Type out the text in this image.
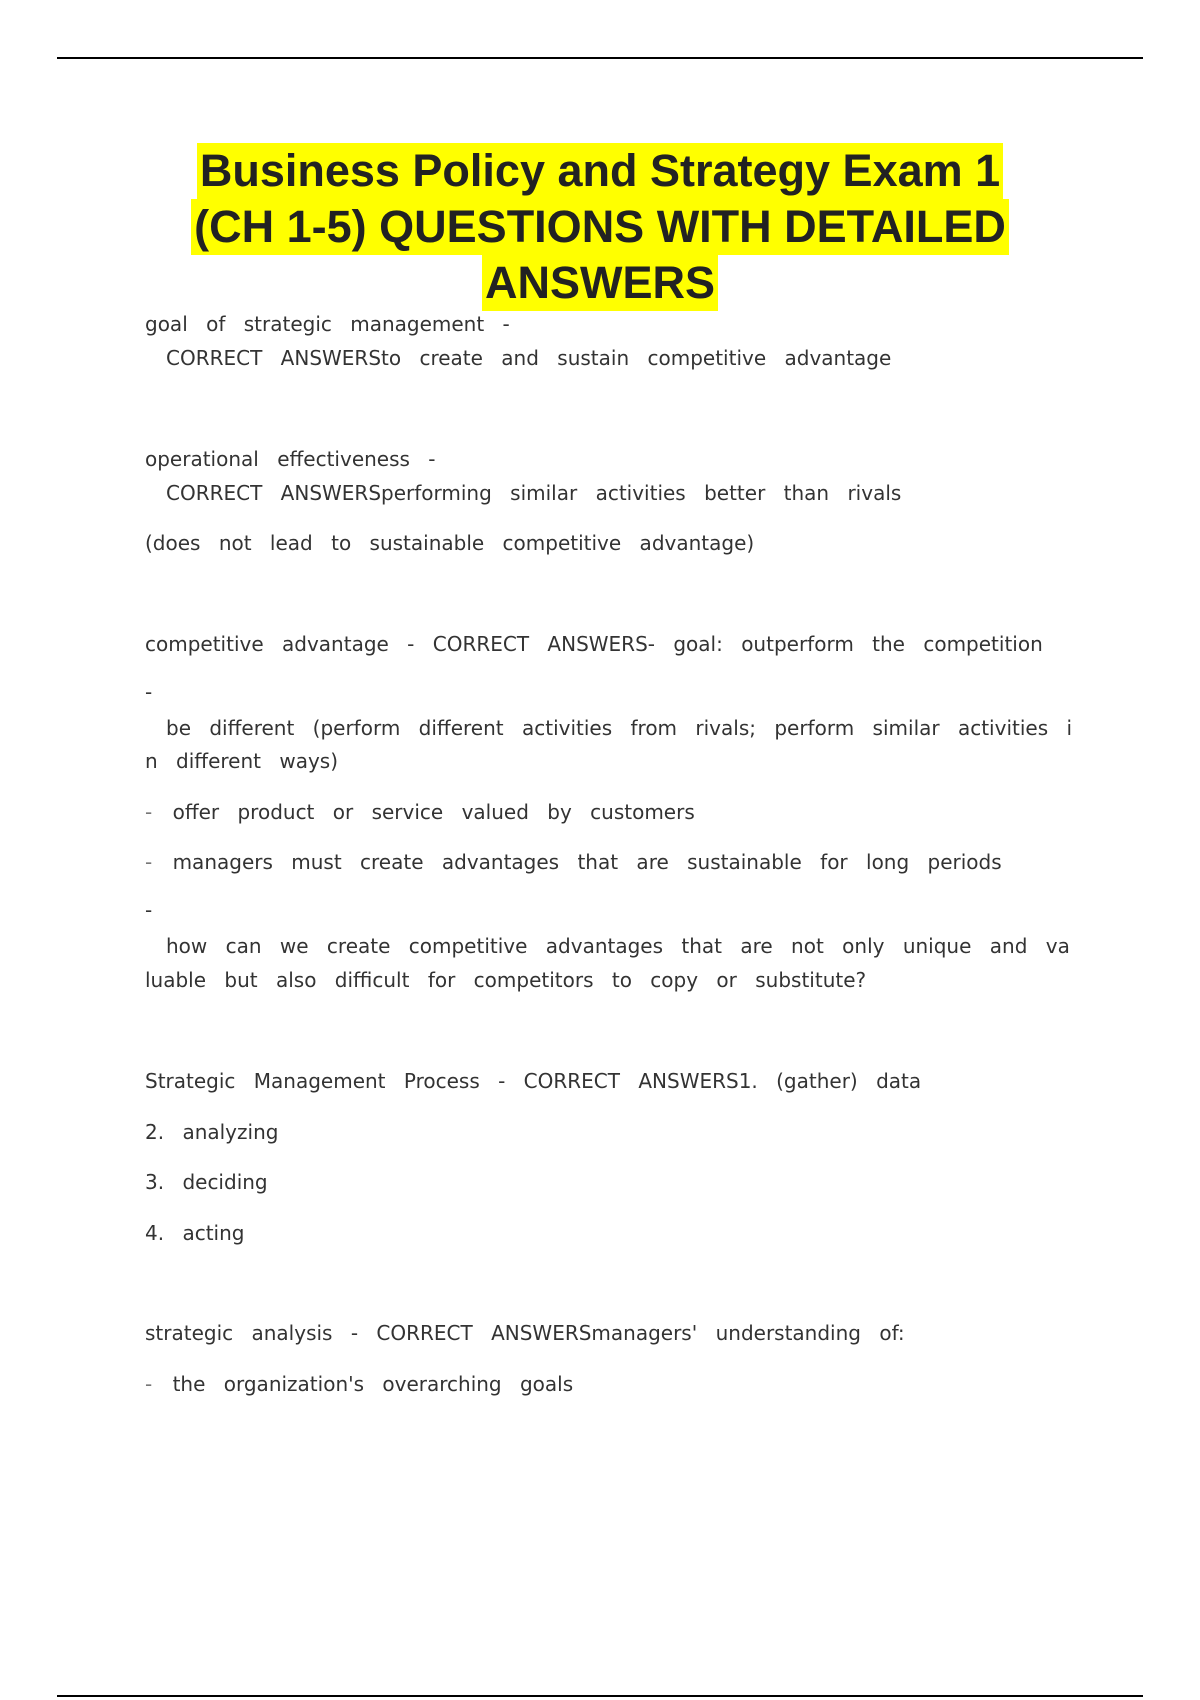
Business Policy and Strategy Exam 1
(CH 1-5) QUESTIONS WITH DETAILED
ANSWERS
goal of strategic management -
CORRECT ANSWERSto create and sustain competitive advantage
operational effectiveness -
CORRECT ANSWERSperforming similar activities better than rivals
(does not lead to sustainable competitive advantage)
competitive advantage - CORRECT ANSWERS- goal: outperform the competition
-
be different (perform different activities from rivals; perform similar activities i
n different ways)
- offer product or service valued by customers
- managers must create advantages that are sustainable for long periods
-
how can we create competitive advantages that are not only unique and va
luable but also difficult for competitors to copy or substitute?
Strategic Management Process - CORRECT ANSWERS1. (gather) data
2. analyzing
3. deciding
4. acting
strategic analysis - CORRECT ANSWERSmanagers' understanding of:
- the organization's overarching goals
